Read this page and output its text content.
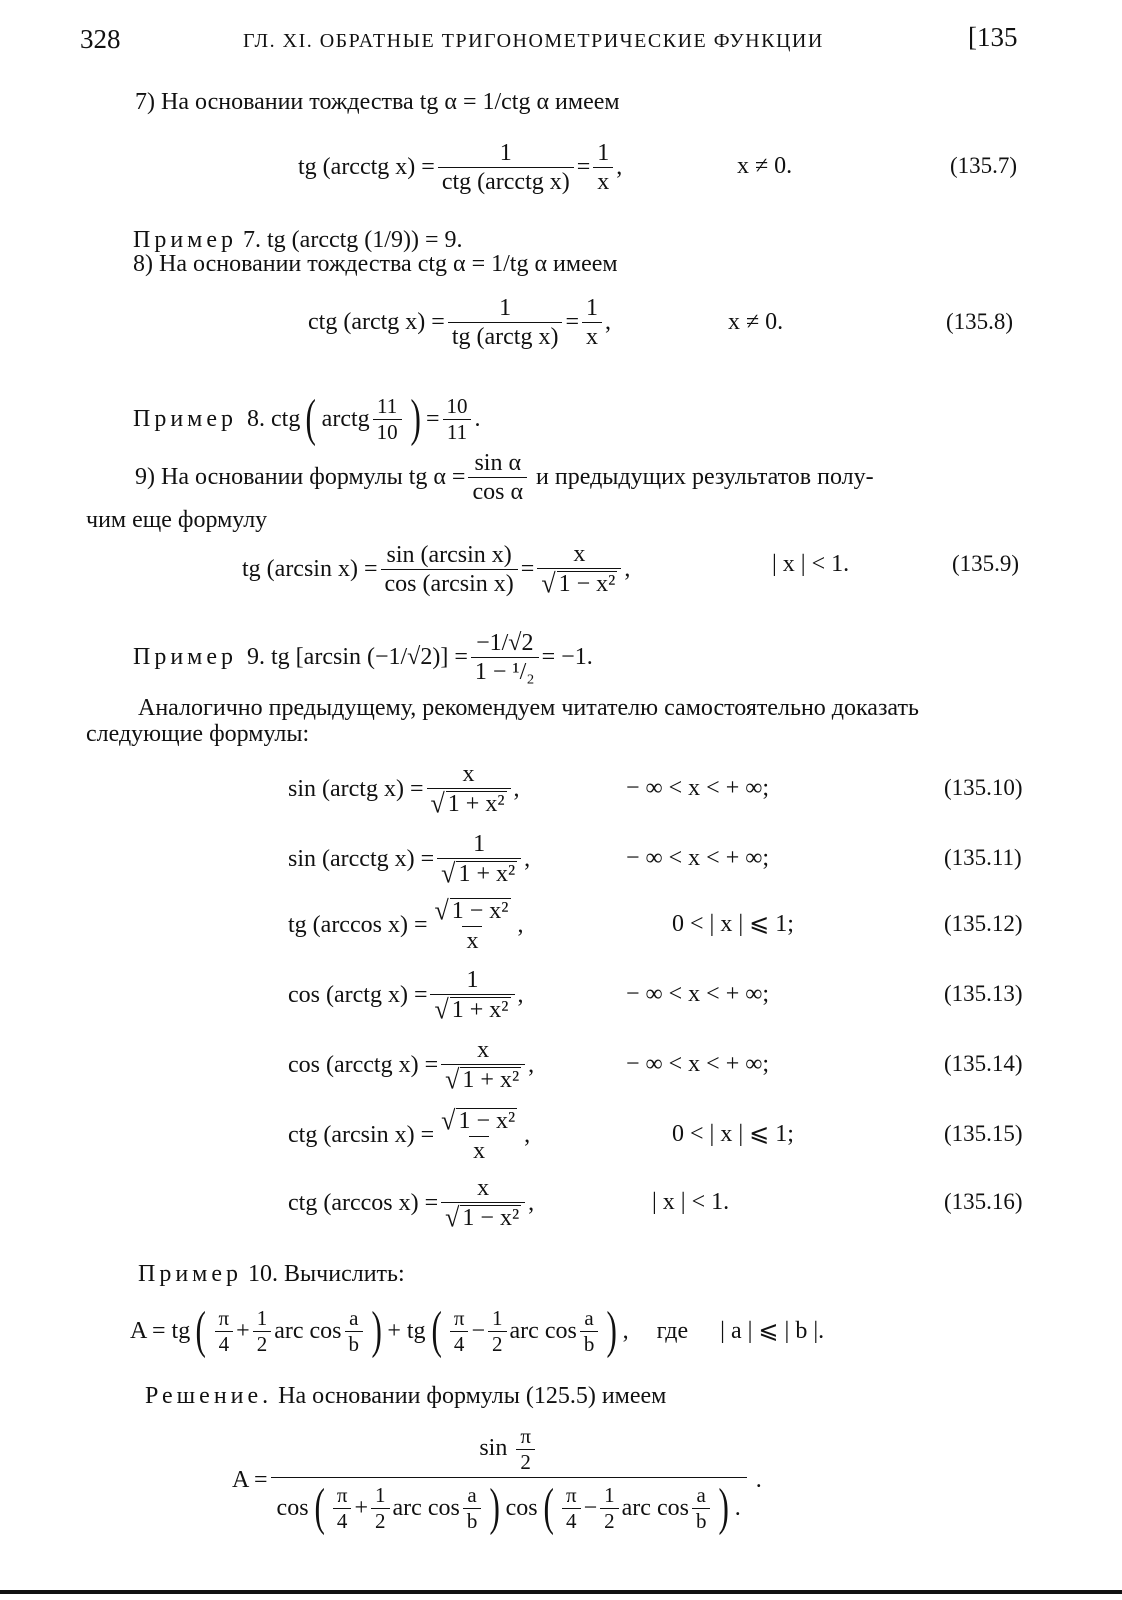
328	ГЛ. XI. ОБРАТНЫЕ ТРИГОНОМЕТРИЧЕСКИЕ ФУНКЦИИ	[135
7) На основании тождества tg α = 1/ctg α имеем
tg (arcctg $x) = \frac{1}{\text{ctg (arcctg x)}} = \frac{1}{x}$ ,	x ≠ 0.	(135.7)
Пример 7. tg (arcctg (1/9)) = 9.
8) На основании тождества ctg α = 1/tg α имеем
ctg (arctg $x) = \frac{1}{\text{tg (arctg x)}} = \frac{1}{x}$ ,	x ≠ 0.	(135.8)
Пример 8. ctg ( arctg $\frac{11}{10}$ ) = $\frac{10}{11}$ .
9) На основании формулы tg $\alpha = \frac{\text{sin α}}{\text{cos α}}$ и предыдущих результатов полу-
чим еще формулу
tg (arcsin $x) = \frac{\text{sin (arcsin x)}}{\text{cos (arcsin x)}} = \frac{x}{\text{√ 1 − x²}}$ ,	| x | < 1.	(135.9)
Пример 9. tg [arcsin $(-1/√2)] = \frac{-1/√2}{\text{1 − ¹/₂}} = -1$.
Аналогично предыдущему, рекомендуем читателю самостоятельно доказать
следующие формулы:
sin (arctg $x) = \frac{x}{\text{√ 1 + x²}}$ ,	− ∞ < x < + ∞;	(135.10)
sin (arcctg $x) = \frac{1}{\text{√ 1 + x²}}$ ,	− ∞ < x < + ∞;	(135.11)
tg (arccos $x) = \frac{\text{√ 1 − x²}}{x}$ ,	0 < | x | ⩽ 1;	(135.12)
cos (arctg $x) = \frac{1}{\text{√ 1 + x²}}$ ,	− ∞ < x < + ∞;	(135.13)
cos (arcctg $x) = \frac{x}{\text{√ 1 + x²}}$ ,	− ∞ < x < + ∞;	(135.14)
ctg (arcsin $x) = \frac{\text{√ 1 − x²}}{x}$ ,	0 < | x | ⩽ 1;	(135.15)
ctg (arccos $x) = \frac{x}{\text{√ 1 − x²}}$ ,	| x | < 1.	(135.16)
Пример 10. Вычислить:
A = tg ( $\frac{\pi}{4} + \frac{1}{2}$ arc $\cos \frac{a}{b}$ ) + tg ( $\frac{\pi}{4} - \frac{1}{2}$ arc $\cos \frac{a}{b}$ ) , где | a | ⩽ | b |.
Решение. На основании формулы (125.5) имеем
A =
$\sin \frac{\pi}{2}$
cos ( $\frac{\pi}{4} + \frac{1}{2}$ arc $\cos \frac{a}{b}$ ) cos ( $\frac{\pi}{4} - \frac{1}{2}$ arc $\cos \frac{a}{b}$ ) .
.
